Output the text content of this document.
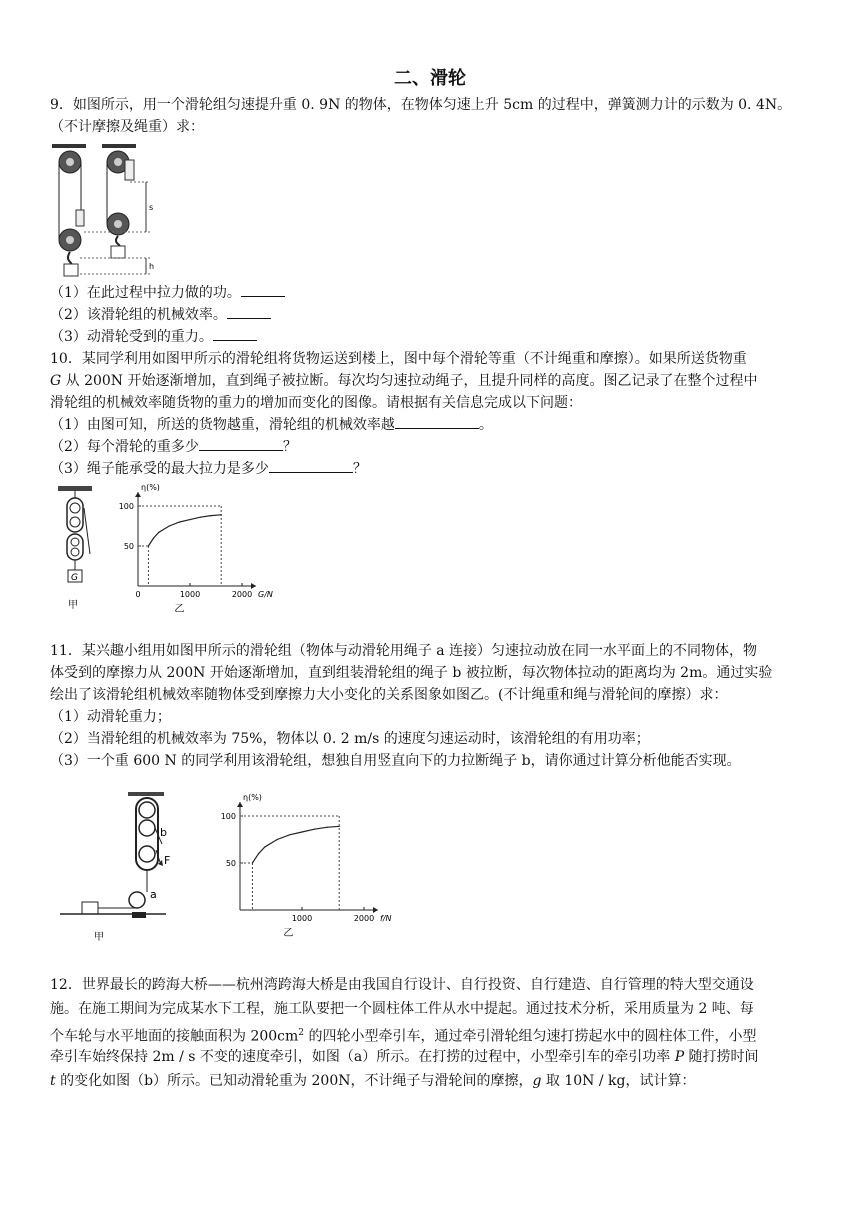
二、滑轮
9．如图所示，用一个滑轮组匀速提升重 0. 9N 的物体，在物体匀速上升 5cm 的过程中，弹簧测力计的示数为 0. 4N。
（不计摩擦及绳重）求：
s
h
（1）在此过程中拉力做的功。
（2）该滑轮组的机械效率。
（3）动滑轮受到的重力。
10．某同学利用如图甲所示的滑轮组将货物运送到楼上，图中每个滑轮等重（不计绳重和摩擦）。如果所送货物重
G 从 200N 开始逐渐增加，直到绳子被拉断。每次均匀速拉动绳子，且提升同样的高度。图乙记录了在整个过程中
滑轮组的机械效率随货物的重力的增加而变化的图像。请根据有关信息完成以下问题：
（1）由图可知，所送的货物越重，滑轮组的机械效率越	。
（2）每个滑轮的重多少	？
（3）绳子能承受的最大拉力是多少	？
G
甲
50
100
0	1000	2000
η(%)
G/N
乙
11．某兴趣小组用如图甲所示的滑轮组（物体与动滑轮用绳子 a 连接）匀速拉动放在同一水平面上的不同物体，物
体受到的摩擦力从 200N 开始逐渐增加，直到组装滑轮组的绳子 b 被拉断，每次物体拉动的距离均为 2m。通过实验
绘出了该滑轮组机械效率随物体受到摩擦力大小变化的关系图象如图乙。(不计绳重和绳与滑轮间的摩擦）求：
（1）动滑轮重力；
（2）当滑轮组的机械效率为 75%，物体以 0. 2 m/s 的速度匀速运动时，该滑轮组的有用功率；
（3）一个重 600 N 的同学利用该滑轮组，想独自用竖直向下的力拉断绳子 b，请你通过计算分析他能否实现。
b
F
a
甲
50
100
1000	2000
η(%)
f/N
乙
12．世界最长的跨海大桥——杭州湾跨海大桥是由我国自行设计、自行投资、自行建造、自行管理的特大型交通设
施。在施工期间为完成某水下工程，施工队要把一个圆柱体工件从水中提起。通过技术分析，采用质量为 2 吨、每
个车轮与水平地面的接触面积为 $200cm^2$ 的四轮小型牵引车，通过牵引滑轮组匀速打捞起水中的圆柱体工件，小型
牵引车始终保持 2m / s 不变的速度牵引，如图（a）所示。在打捞的过程中，小型牵引车的牵引功率 P 随打捞时间
t 的变化如图（b）所示。已知动滑轮重为 200N，不计绳子与滑轮间的摩擦，g 取 10N / kg，试计算：
